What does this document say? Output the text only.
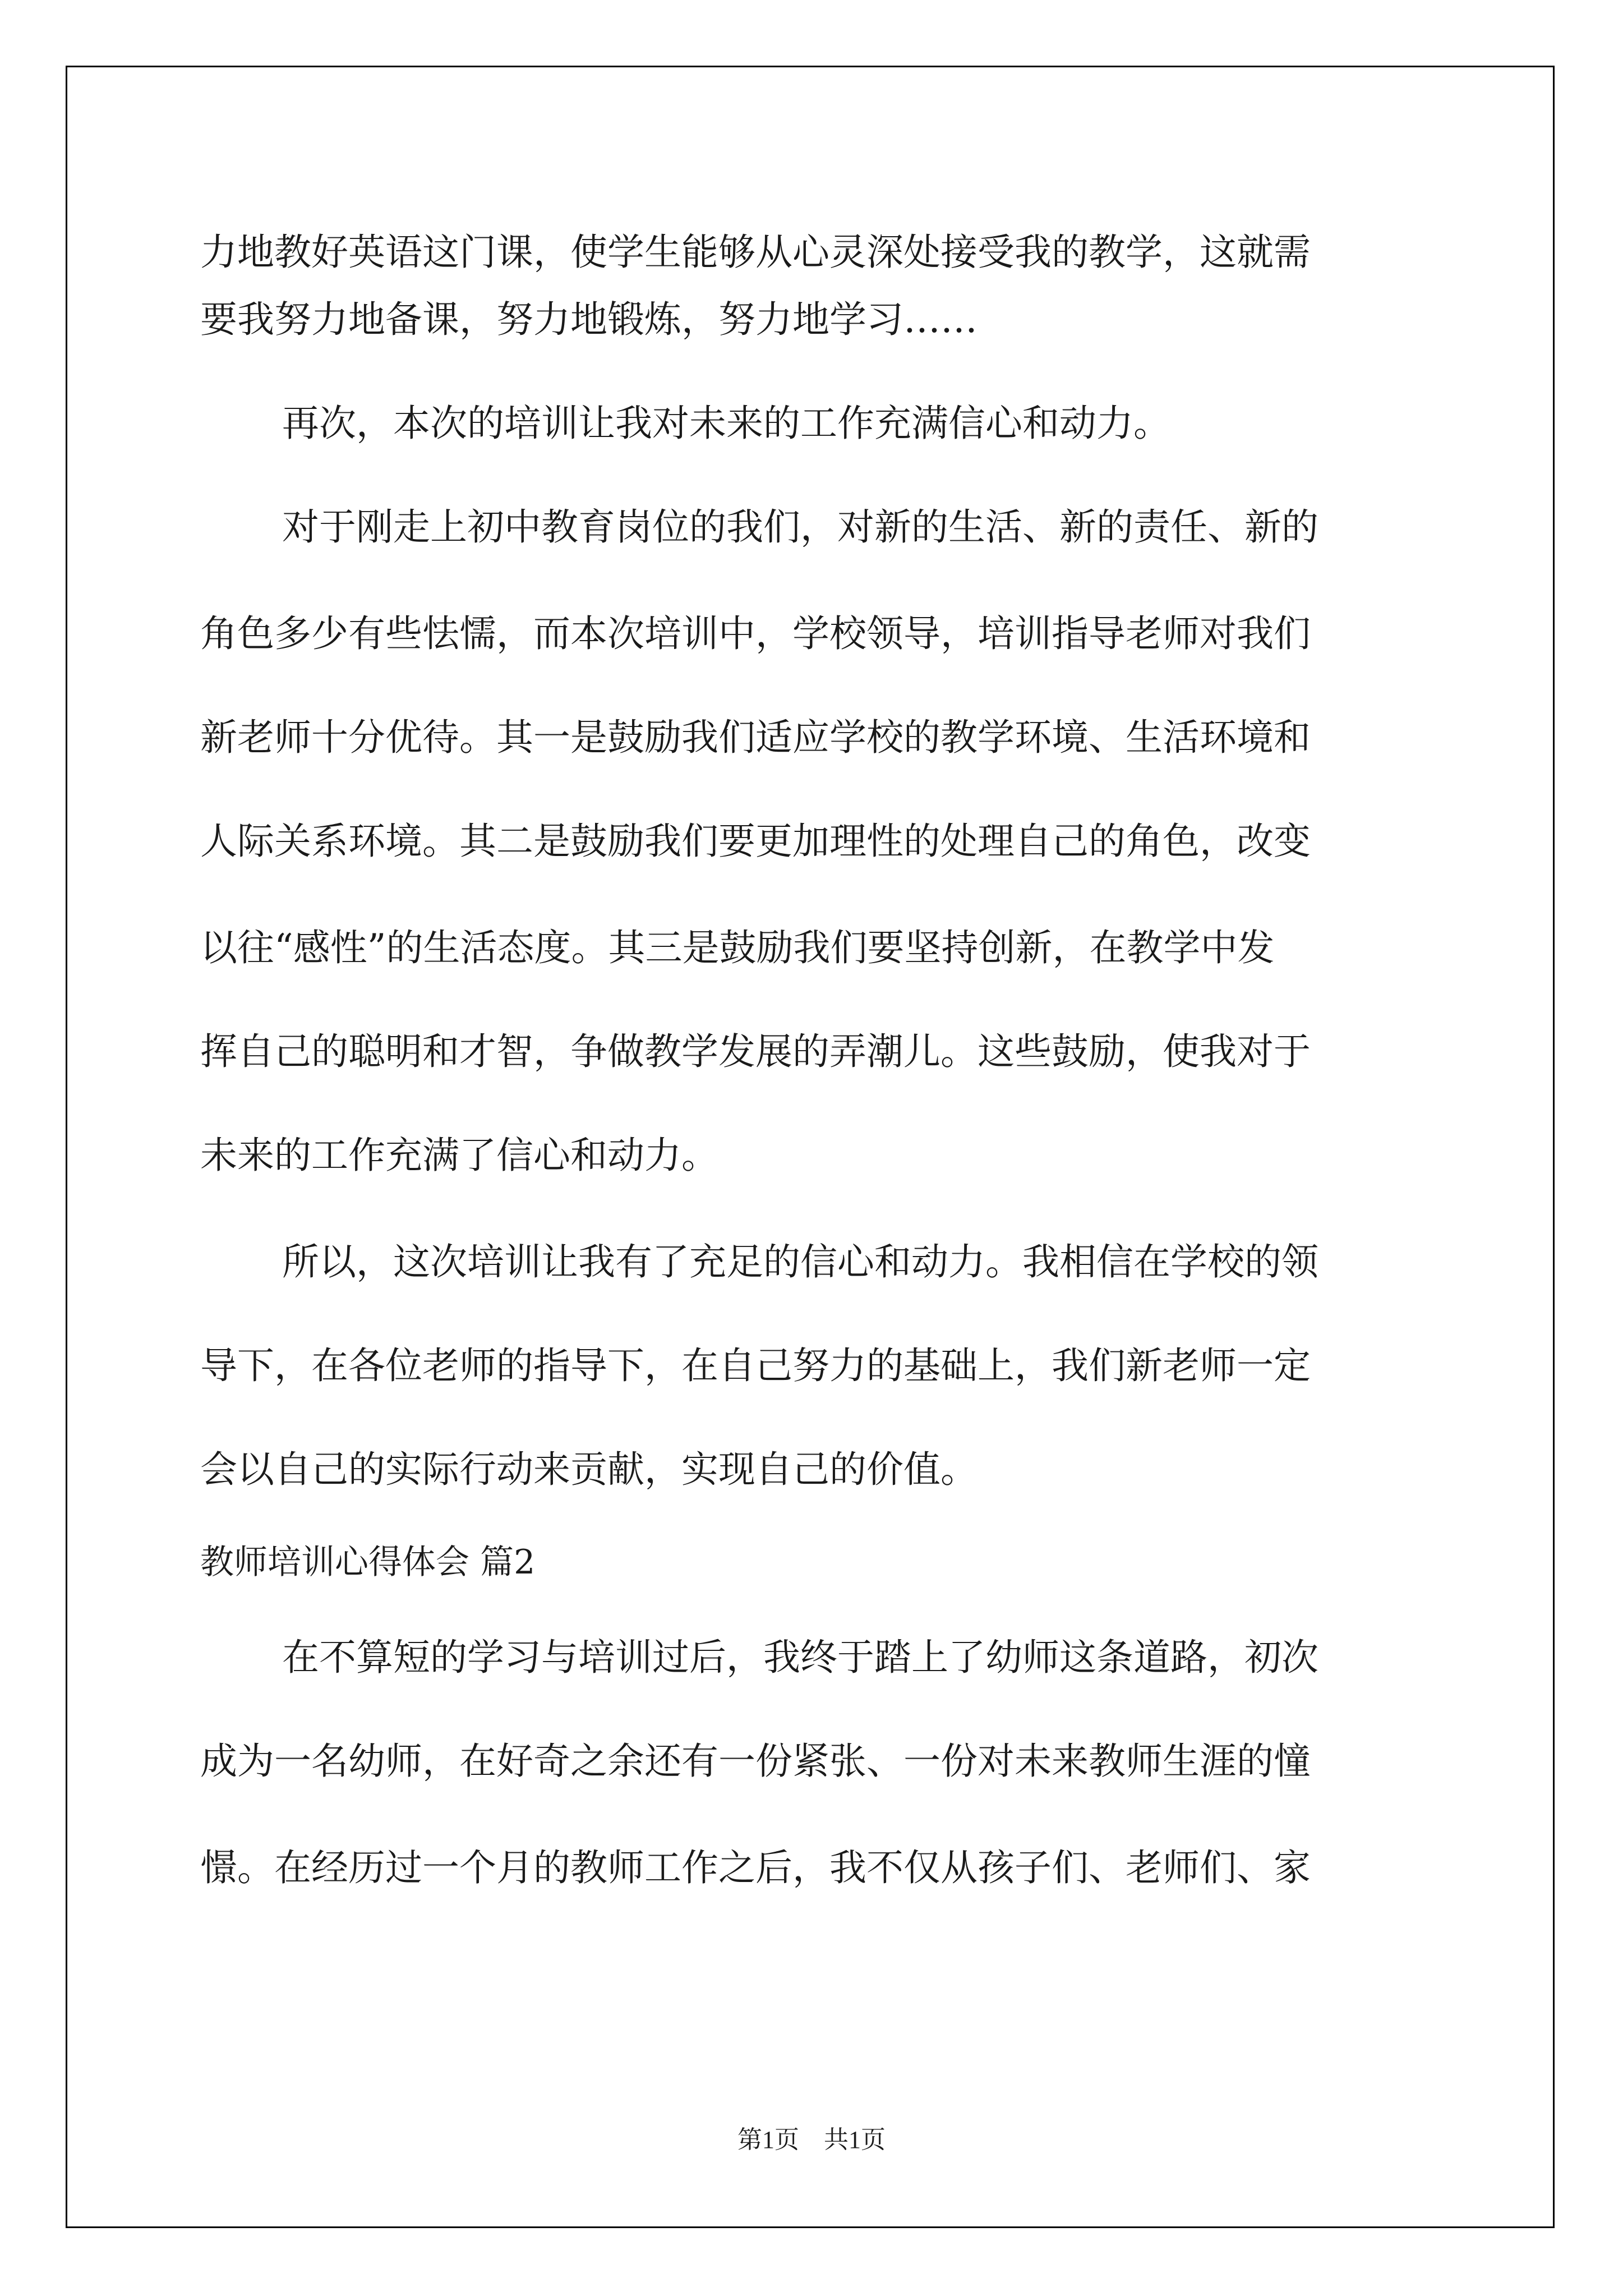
力地教好英语这门课，使学生能够从心灵深处接受我的教学，这就需
要我努力地备课，努力地锻炼，努力地学习……
再次，本次的培训让我对未来的工作充满信心和动力。
对于刚走上初中教育岗位的我们，对新的生活、新的责任、新的
角色多少有些怯懦，而本次培训中，学校领导，培训指导老师对我们
新老师十分优待。其一是鼓励我们适应学校的教学环境、生活环境和
人际关系环境。其二是鼓励我们要更加理性的处理自己的角色，改变
以往“感性”的生活态度。其三是鼓励我们要坚持创新，在教学中发
挥自己的聪明和才智，争做教学发展的弄潮儿。这些鼓励，使我对于
未来的工作充满了信心和动力。
所以，这次培训让我有了充足的信心和动力。我相信在学校的领
导下，在各位老师的指导下，在自己努力的基础上，我们新老师一定
会以自己的实际行动来贡献，实现自己的价值。
教师培训心得体会 篇2
在不算短的学习与培训过后，我终于踏上了幼师这条道路，初次
成为一名幼师，在好奇之余还有一份紧张、一份对未来教师生涯的憧
憬。在经历过一个月的教师工作之后，我不仅从孩子们、老师们、家
第1页　共1页
